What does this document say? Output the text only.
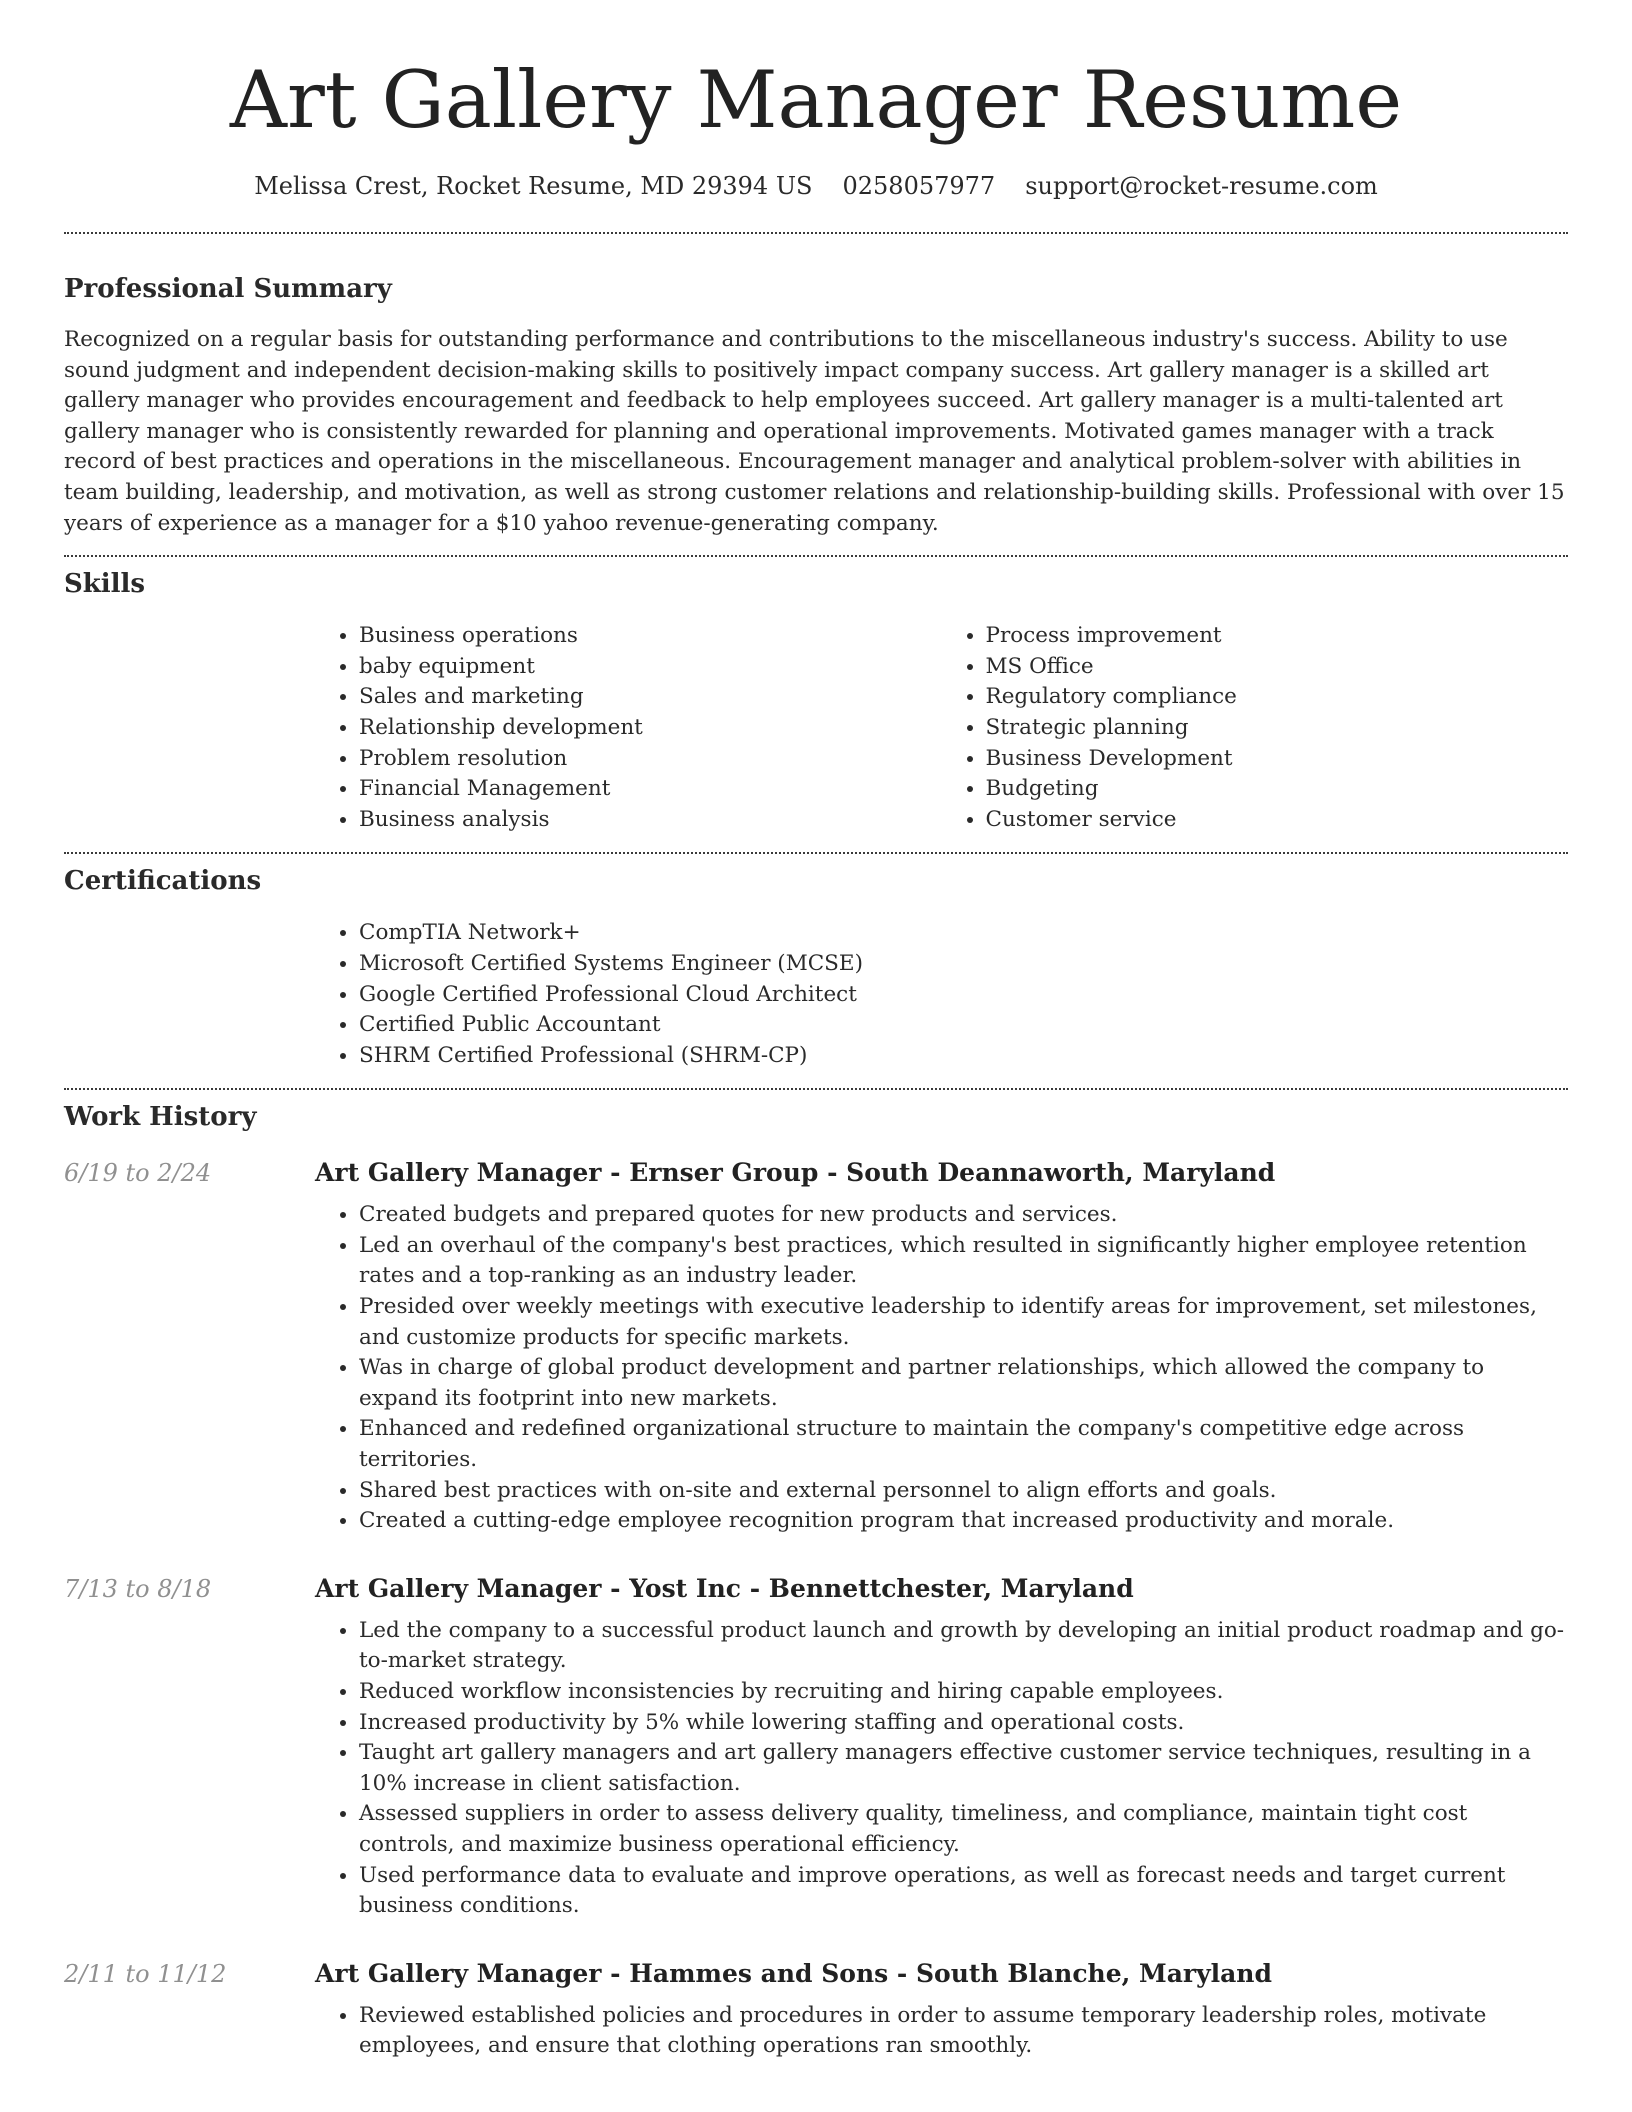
Art Gallery Manager Resume
Melissa Crest, Rocket Resume, MD 29394 US 0258057977 support@rocket-resume.com
Professional Summary

Recognized on a regular basis for outstanding performance and contributions to the miscellaneous industry's success. Ability to use sound judgment and independent decision-making skills to positively impact company success. Art gallery manager is a skilled art gallery manager who provides encouragement and feedback to help employees succeed. Art gallery manager is a multi-talented art gallery manager who is consistently rewarded for planning and operational improvements. Motivated games manager with a track record of best practices and operations in the miscellaneous. Encouragement manager and analytical problem-solver with abilities in team building, leadership, and motivation, as well as strong customer relations and relationship-building skills. Professional with over 15 years of experience as a manager for a $10 yahoo revenue-generating company.

Skills
• Business operations
• baby equipment
• Sales and marketing
• Relationship development
• Problem resolution
• Financial Management
• Business analysis
• Process improvement
• MS Office
• Regulatory compliance
• Strategic planning
• Business Development
• Budgeting
• Customer service
Certifications
• CompTIA Network+
• Microsoft Certified Systems Engineer (MCSE)
• Google Certified Professional Cloud Architect
• Certified Public Accountant
• SHRM Certified Professional (SHRM-CP)
Work History
6/19 to 2/24	Art Gallery Manager - Ernser Group - South Deannaworth, Maryland
• Created budgets and prepared quotes for new products and services.
• Led an overhaul of the company's best practices, which resulted in significantly higher employee retention rates and a top-ranking as an industry leader.
• Presided over weekly meetings with executive leadership to identify areas for improvement, set milestones, and customize products for specific markets.
• Was in charge of global product development and partner relationships, which allowed the company to expand its footprint into new markets.
• Enhanced and redefined organizational structure to maintain the company's competitive edge across territories.
• Shared best practices with on-site and external personnel to align efforts and goals.
• Created a cutting-edge employee recognition program that increased productivity and morale.
7/13 to 8/18	Art Gallery Manager - Yost Inc - Bennettchester, Maryland
• Led the company to a successful product launch and growth by developing an initial product roadmap and go-to-market strategy.
• Reduced workflow inconsistencies by recruiting and hiring capable employees.
• Increased productivity by 5% while lowering staffing and operational costs.
• Taught art gallery managers and art gallery managers effective customer service techniques, resulting in a 10% increase in client satisfaction.
• Assessed suppliers in order to assess delivery quality, timeliness, and compliance, maintain tight cost controls, and maximize business operational efficiency.
• Used performance data to evaluate and improve operations, as well as forecast needs and target current business conditions.
2/11 to 11/12	Art Gallery Manager - Hammes and Sons - South Blanche, Maryland
• Reviewed established policies and procedures in order to assume temporary leadership roles, motivate employees, and ensure that clothing operations ran smoothly.
